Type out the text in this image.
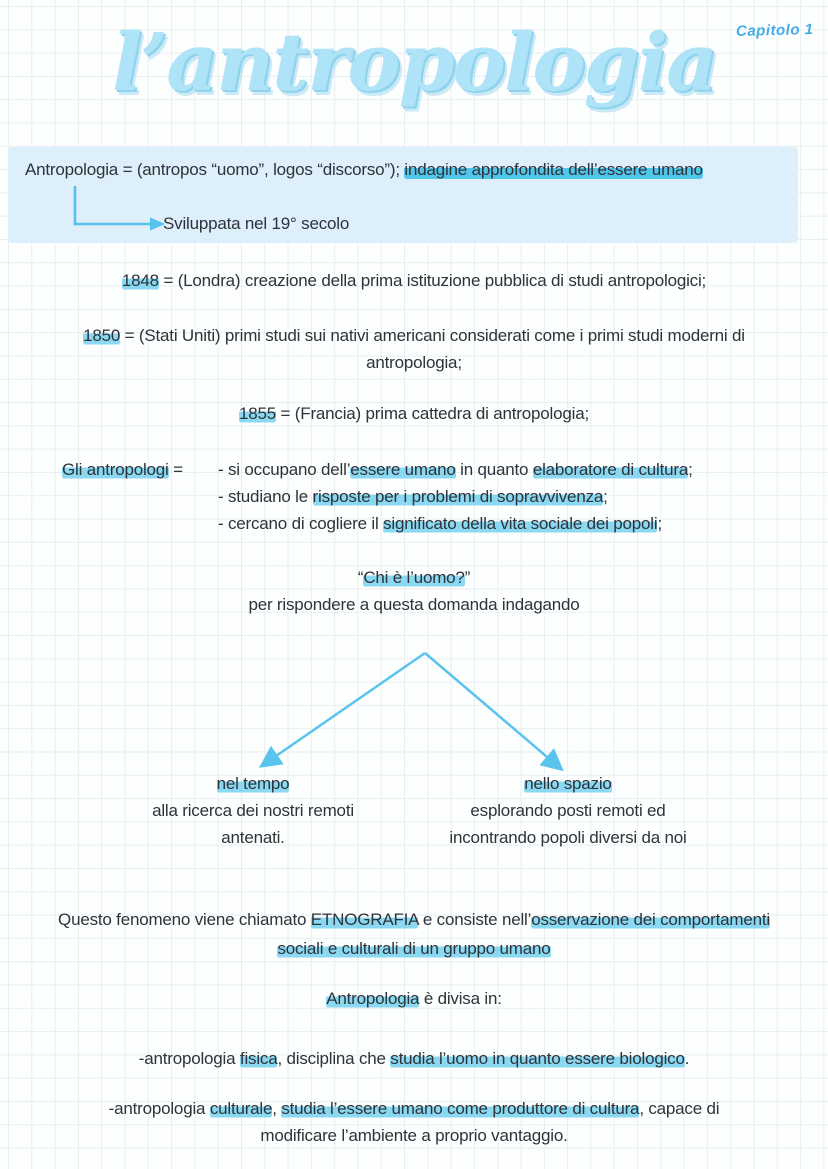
Capitolo 1
l’antropologia
Antropologia = (antropos “uomo”, logos “discorso”); indagine approfondita dell’essere umano
Sviluppata nel 19° secolo
1848 = (Londra) creazione della prima istituzione pubblica di studi antropologici;
1850 = (Stati Uniti) primi studi sui nativi americani considerati come i primi studi moderni di
antropologia;
1855 = (Francia) prima cattedra di antropologia;
Gli antropologi = - si occupano dell’essere umano in quanto elaboratore di cultura;
- studiano le risposte per i problemi di sopravvivenza;
- cercano di cogliere il significato della vita sociale dei popoli;
“Chi è l’uomo?”
per rispondere a questa domanda indagando
nel tempo
alla ricerca dei nostri remoti
antenati.
nello spazio
esplorando posti remoti ed
incontrando popoli diversi da noi
Questo fenomeno viene chiamato ETNOGRAFIA e consiste nell’osservazione dei comportamenti
sociali e culturali di un gruppo umano
Antropologia è divisa in:
-antropologia fisica, disciplina che studia l’uomo in quanto essere biologico.
-antropologia culturale, studia l’essere umano come produttore di cultura, capace di
modificare l’ambiente a proprio vantaggio.
